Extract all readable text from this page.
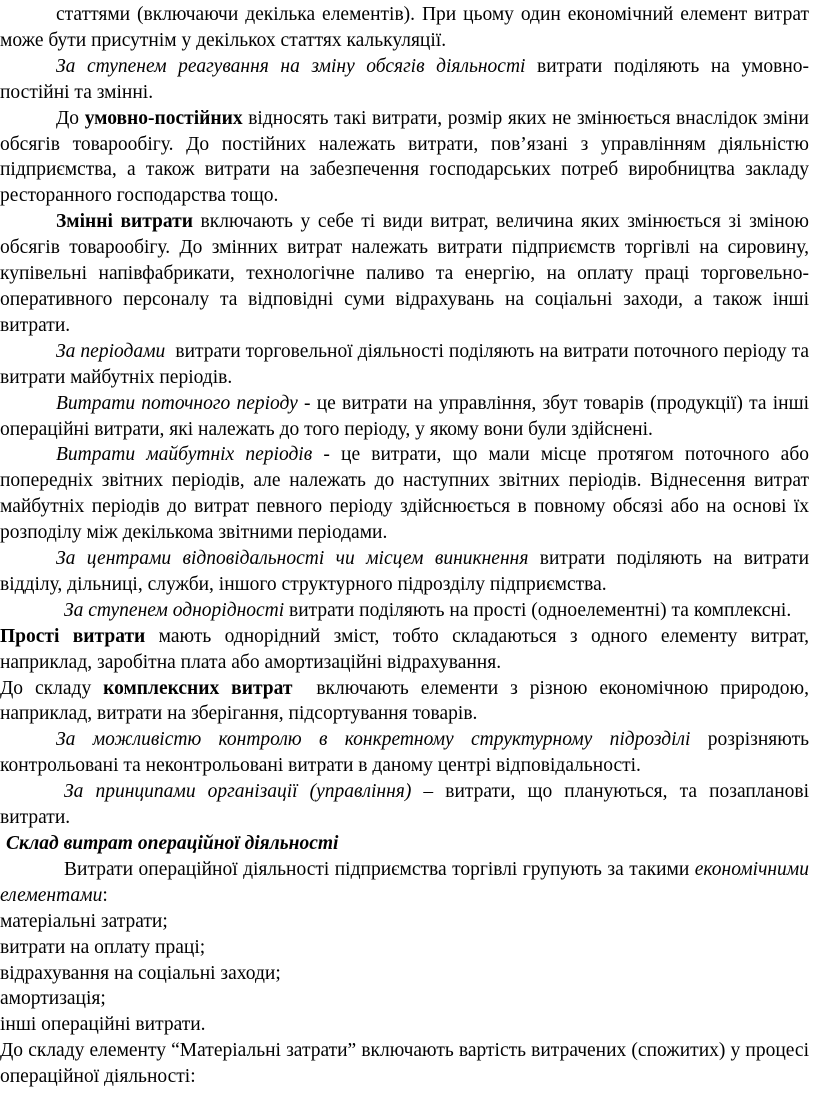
статтями (включаючи декілька елементів). При цьому один економічний елемент витрат може бути присутнім у декількох статтях калькуляції.

За ступенем реагування на зміну обсягів діяльності витрати поділяють на умовно-постійні та змінні.

До умовно-постійних відносять такі витрати, розмір яких не змінюється внаслідок зміни обсягів товарообігу. До постійних належать витрати, пов’язані з управлінням діяльністю підприємства, а також витрати на забезпечення господарських потреб виробництва закладу ресторанного господарства тощо.

Змінні витрати включають у себе ті види витрат, величина яких змінюється зі зміною обсягів товарообігу. До змінних витрат належать витрати підприємств торгівлі на сировину, купівельні напівфабрикати, технологічне паливо та енергію, на оплату праці торговельно-оперативного персоналу та відповідні суми відрахувань на соціальні заходи, а також інші витрати.

За періодами  витрати торговельної діяльності поділяють на витрати поточного періоду та витрати майбутніх періодів.

Витрати поточного періоду - це витрати на управління, збут товарів (продукції) та інші операційні витрати, які належать до того періоду, у якому вони були здійснені.

Витрати майбутніх періодів - це витрати, що мали місце протягом поточного або попередніх звітних періодів, але належать до наступних звітних періодів. Віднесення витрат майбутніх періодів до витрат певного періоду здійснюється в повному обсязі або на основі їх розподілу між декількома звітними періодами.

За центрами відповідальності чи місцем виникнення витрати поділяють на витрати відділу, дільниці, служби, іншого структурного підрозділу підприємства.

За ступенем однорідності витрати поділяють на прості (одноелементні) та комплексні.

Прості витрати мають однорідний зміст, тобто складаються з одного елементу витрат, наприклад, заробітна плата або амортизаційні відрахування.

До складу комплексних витрат  включають елементи з різною економічною природою, наприклад, витрати на зберігання, підсортування товарів.

За можливістю контролю в конкретному структурному підрозділі розрізняють контрольовані та неконтрольовані витрати в даному центрі відповідальності.

За принципами організації (управління) – витрати, що плануються, та позапланові витрати.

Склад витрат операційної діяльності

Витрати операційної діяльності підприємства торгівлі групують за такими економічними елементами:

матеріальні затрати;

витрати на оплату праці;

відрахування на соціальні заходи;

амортизація;

інші операційні витрати.

До складу елементу “Матеріальні затрати” включають вартість витрачених (спожитих) у процесі операційної діяльності:
